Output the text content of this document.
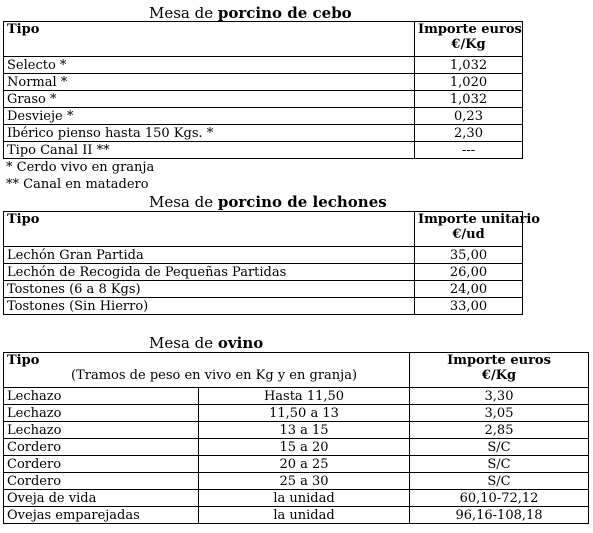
Mesa de porcino de cebo
Tipo	Importe euros
€/Kg

Selecto *	1,032
Normal *	1,020
Graso *	1,032
Desvieje *	0,23
Ibérico pienso hasta 150 Kgs. *	2,30
Tipo Canal II **	---
* Cerdo vivo en granja
** Canal en matadero
Mesa de porcino de lechones
Tipo	Importe unitario
€/ud

Lechón Gran Partida	35,00
Lechón de Recogida de Pequeñas Partidas	26,00
Tostones (6 a 8 Kgs)	24,00
Tostones (Sin Hierro)	33,00
Mesa de ovino
Tipo
(Tramos de peso en vivo en Kg y en granja)		Importe euros
€/Kg

Lechazo	Hasta 11,50	3,30
Lechazo	11,50 a 13	3,05
Lechazo	13 a 15	2,85
Cordero	15 a 20	S/C
Cordero	20 a 25	S/C
Cordero	25 a 30	S/C
Oveja de vida	la unidad	60,10-72,12
Ovejas emparejadas	la unidad	96,16-108,18
